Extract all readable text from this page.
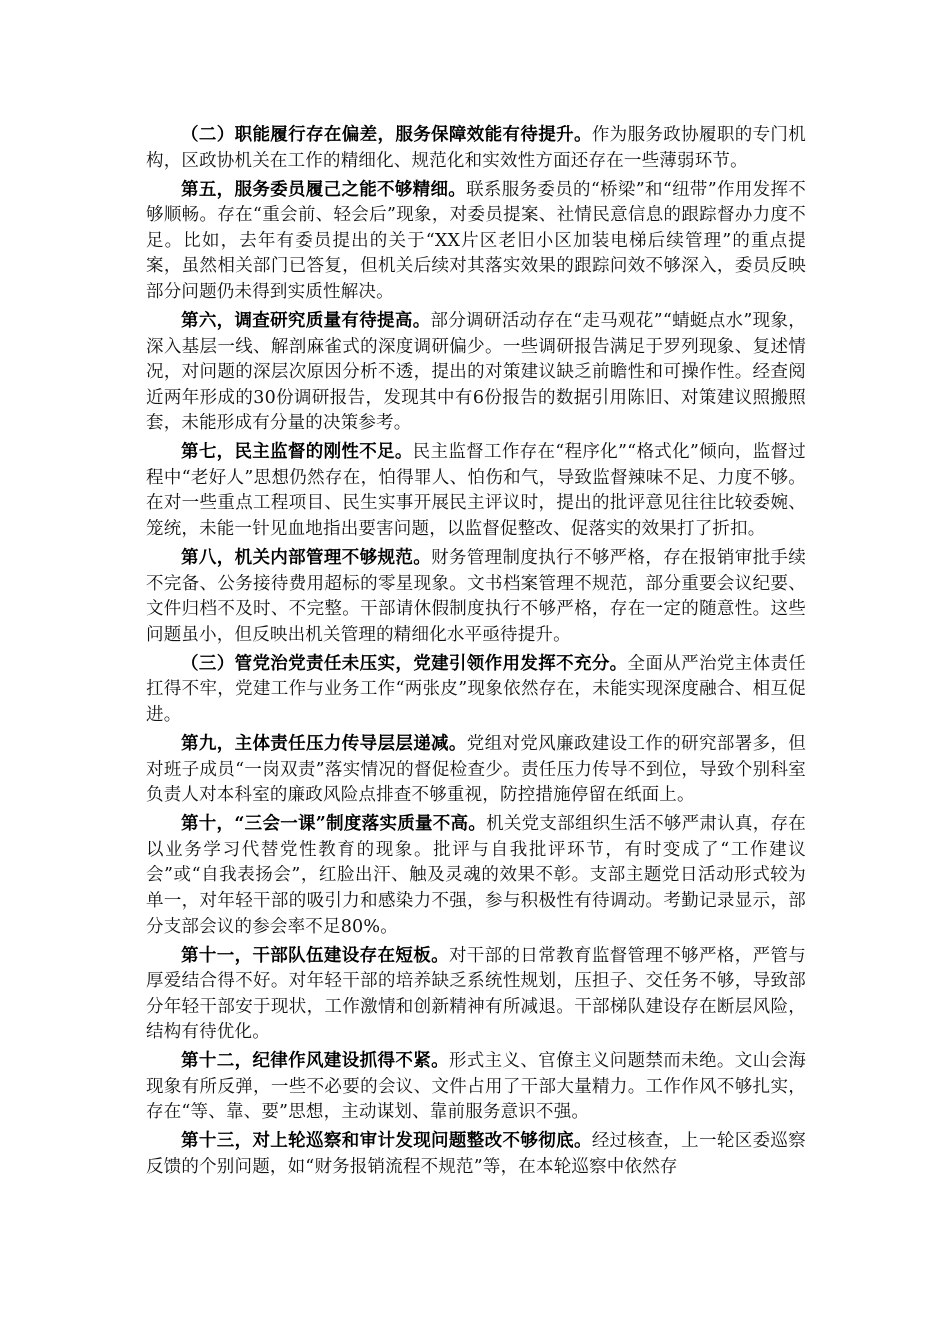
（二）职能履行存在偏差，服务保障效能有待提升。作为服务政协履职的专门机构，区政协机关在工作的精细化、规范化和实效性方面还存在一些薄弱环节。

第五，服务委员履己之能不够精细。联系服务委员的“桥梁”和“纽带”作用发挥不够顺畅。存在“重会前、轻会后”现象，对委员提案、社情民意信息的跟踪督办力度不足。比如，去年有委员提出的关于“XX片区老旧小区加装电梯后续管理”的重点提案，虽然相关部门已答复，但机关后续对其落实效果的跟踪问效不够深入，委员反映部分问题仍未得到实质性解决。

第六，调查研究质量有待提高。部分调研活动存在“走马观花”“蜻蜓点水”现象，深入基层一线、解剖麻雀式的深度调研偏少。一些调研报告满足于罗列现象、复述情况，对问题的深层次原因分析不透，提出的对策建议缺乏前瞻性和可操作性。经查阅近两年形成的30份调研报告，发现其中有6份报告的数据引用陈旧、对策建议照搬照套，未能形成有分量的决策参考。

第七，民主监督的刚性不足。民主监督工作存在“程序化”“格式化”倾向，监督过程中“老好人”思想仍然存在，怕得罪人、怕伤和气，导致监督辣味不足、力度不够。在对一些重点工程项目、民生实事开展民主评议时，提出的批评意见往往比较委婉、笼统，未能一针见血地指出要害问题，以监督促整改、促落实的效果打了折扣。

第八，机关内部管理不够规范。财务管理制度执行不够严格，存在报销审批手续不完备、公务接待费用超标的零星现象。文书档案管理不规范，部分重要会议纪要、文件归档不及时、不完整。干部请休假制度执行不够严格，存在一定的随意性。这些问题虽小，但反映出机关管理的精细化水平亟待提升。

（三）管党治党责任未压实，党建引领作用发挥不充分。全面从严治党主体责任扛得不牢，党建工作与业务工作“两张皮”现象依然存在，未能实现深度融合、相互促进。

第九，主体责任压力传导层层递减。党组对党风廉政建设工作的研究部署多，但对班子成员“一岗双责”落实情况的督促检查少。责任压力传导不到位，导致个别科室负责人对本科室的廉政风险点排查不够重视，防控措施停留在纸面上。

第十，“三会一课”制度落实质量不高。机关党支部组织生活不够严肃认真，存在以业务学习代替党性教育的现象。批评与自我批评环节，有时变成了“工作建议会”或“自我表扬会”，红脸出汗、触及灵魂的效果不彰。支部主题党日活动形式较为单一，对年轻干部的吸引力和感染力不强，参与积极性有待调动。考勤记录显示，部分支部会议的参会率不足80%。

第十一，干部队伍建设存在短板。对干部的日常教育监督管理不够严格，严管与厚爱结合得不好。对年轻干部的培养缺乏系统性规划，压担子、交任务不够，导致部分年轻干部安于现状，工作激情和创新精神有所减退。干部梯队建设存在断层风险，结构有待优化。

第十二，纪律作风建设抓得不紧。形式主义、官僚主义问题禁而未绝。文山会海现象有所反弹，一些不必要的会议、文件占用了干部大量精力。工作作风不够扎实，存在“等、靠、要”思想，主动谋划、靠前服务意识不强。

第十三，对上轮巡察和审计发现问题整改不够彻底。经过核查，上一轮区委巡察反馈的个别问题，如“财务报销流程不规范”等，在本轮巡察中依然存
